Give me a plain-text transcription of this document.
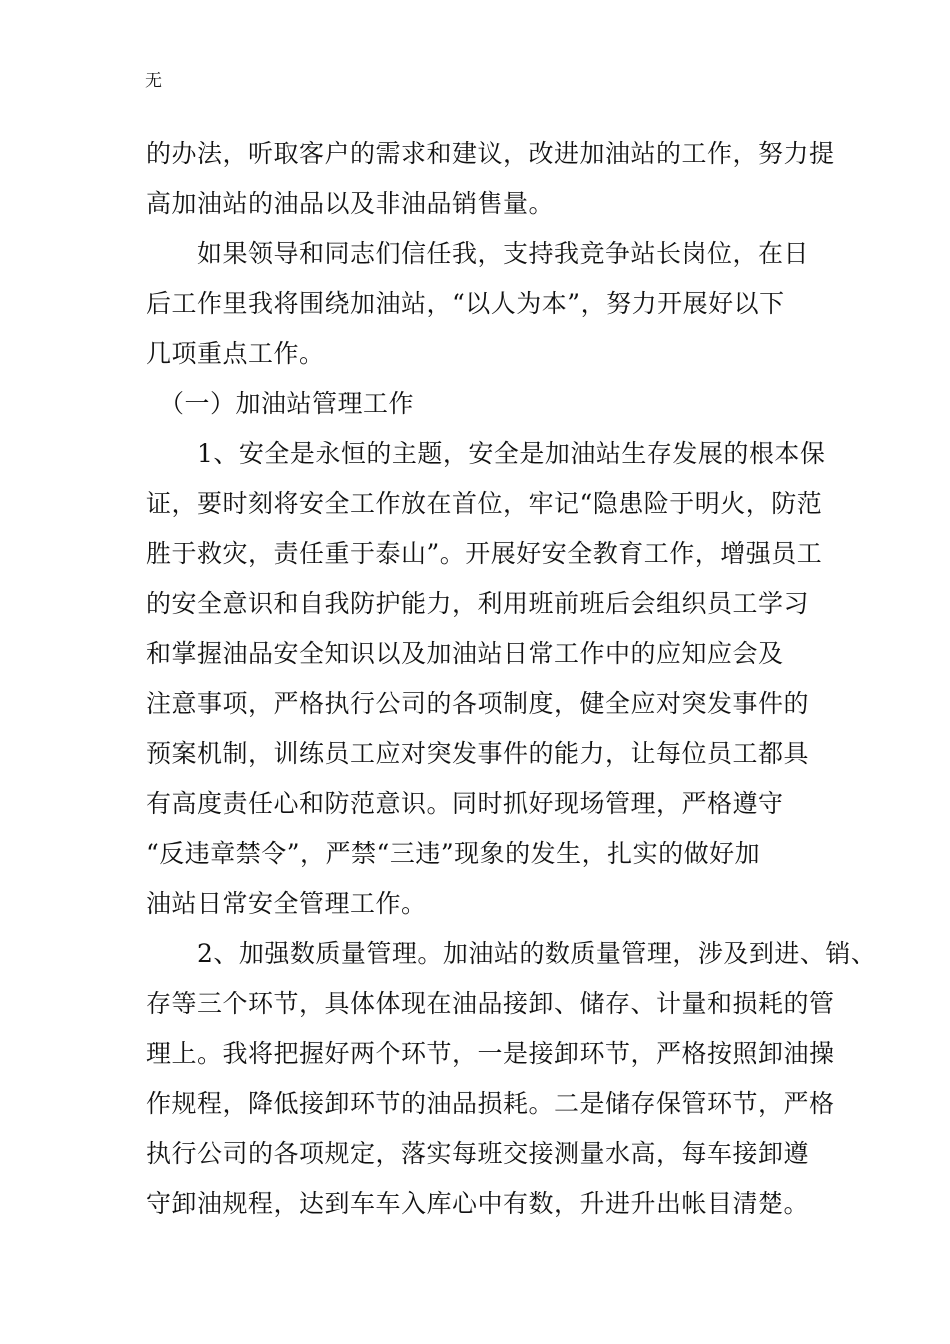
无
的办法，听取客户的需求和建议，改进加油站的工作，努力提
高加油站的油品以及非油品销售量。
　　如果领导和同志们信任我，支持我竞争站长岗位，在日
后工作里我将围绕加油站，“以人为本”，努力开展好以下
几项重点工作。
　（一）加油站管理工作
　　1、安全是永恒的主题，安全是加油站生存发展的根本保
证，要时刻将安全工作放在首位，牢记“隐患险于明火，防范
胜于救灾，责任重于泰山”。开展好安全教育工作，增强员工
的安全意识和自我防护能力，利用班前班后会组织员工学习
和掌握油品安全知识以及加油站日常工作中的应知应会及
注意事项，严格执行公司的各项制度，健全应对突发事件的
预案机制，训练员工应对突发事件的能力，让每位员工都具
有高度责任心和防范意识。同时抓好现场管理，严格遵守
“反违章禁令”，严禁“三违”现象的发生，扎实的做好加
油站日常安全管理工作。
　　2、加强数质量管理。加油站的数质量管理，涉及到进、销、
存等三个环节，具体体现在油品接卸、储存、计量和损耗的管
理上。我将把握好两个环节，一是接卸环节，严格按照卸油操
作规程，降低接卸环节的油品损耗。二是储存保管环节，严格
执行公司的各项规定，落实每班交接测量水高，每车接卸遵
守卸油规程，达到车车入库心中有数，升进升出帐目清楚。
